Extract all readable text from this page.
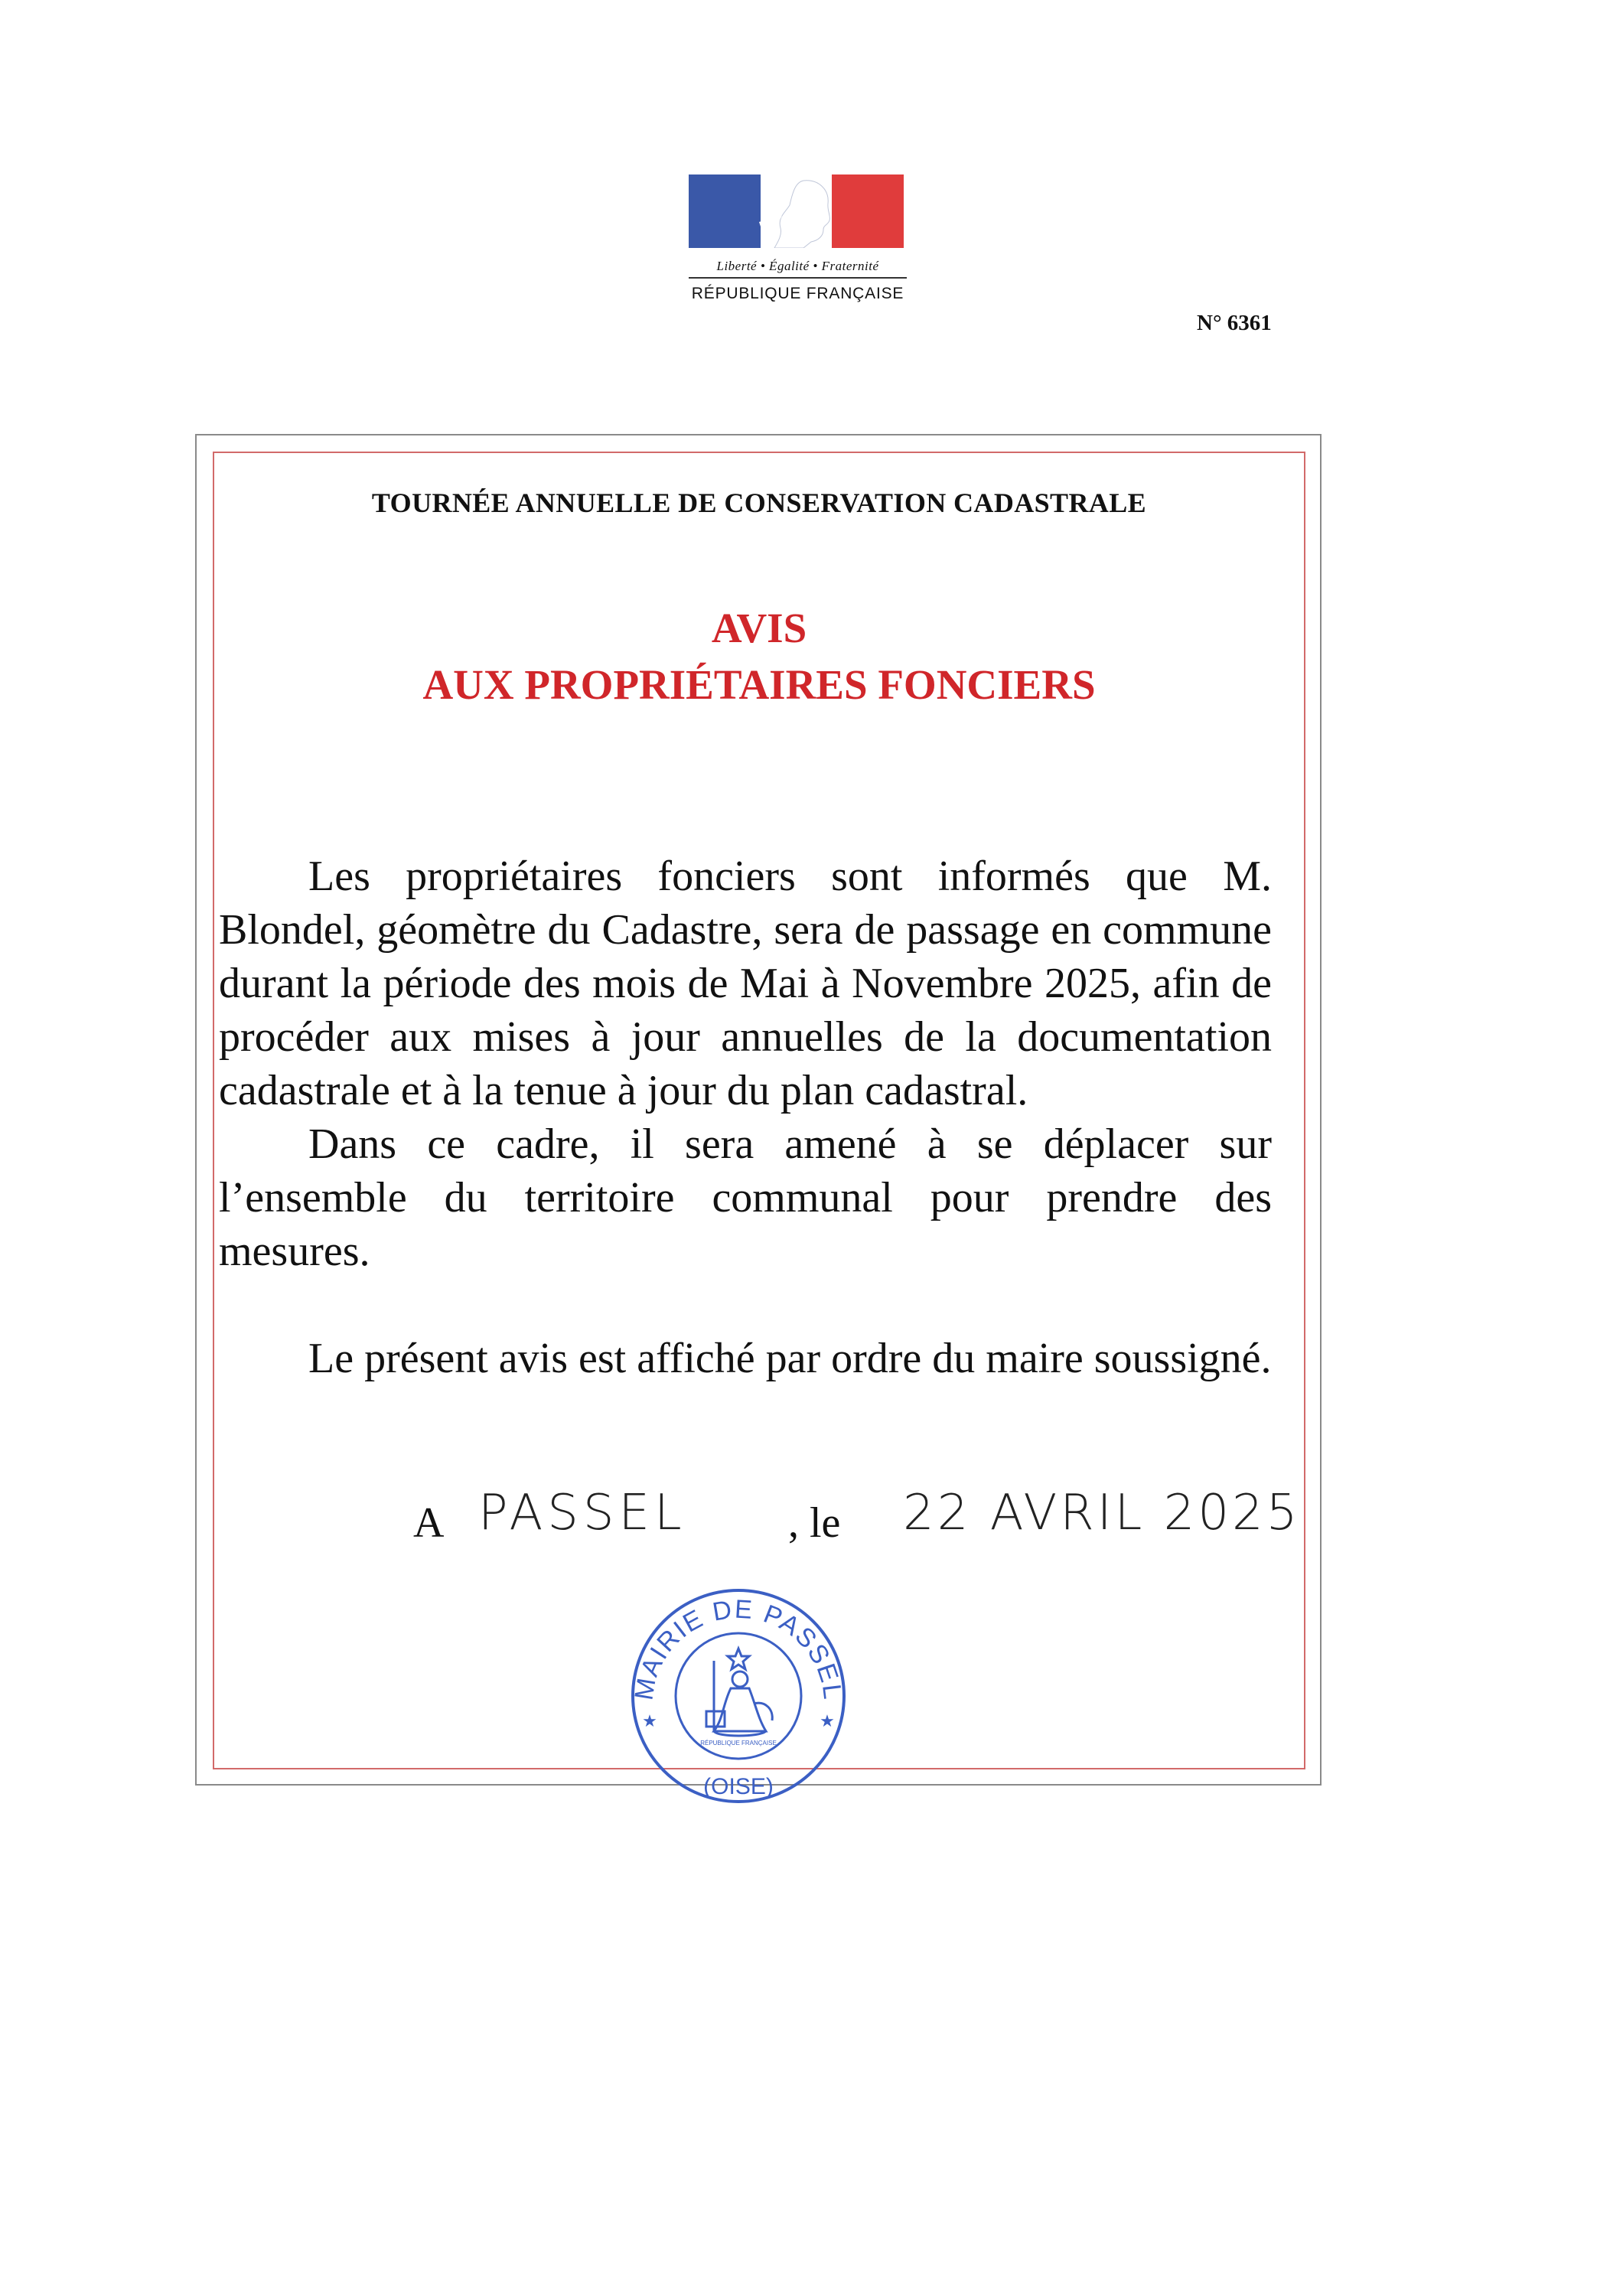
Liberté • Égalité • Fraternité
RÉPUBLIQUE FRANÇAISE
N° 6361
TOURNÉE ANNUELLE DE CONSERVATION CADASTRALE
AVIS
AUX PROPRIÉTAIRES FONCIERS

Les propriétaires fonciers sont informés que M. Blondel, géomètre du Cadastre, sera de passage en commune durant la période des mois de Mai à Novembre 2025, afin de procéder aux mises à jour annuelles de la documentation cadastrale et à la tenue à jour du plan cadastral.

Dans ce cadre, il sera amené à se déplacer sur l’ensemble du territoire communal pour prendre des mesures.

Le présent avis est affiché par ordre du maire soussigné.

A PASSEL , le 22 AVRIL 2025
MAIRIE DE PASSEL
(OISE)
RÉPUBLIQUE FRANÇAISE
★	★
